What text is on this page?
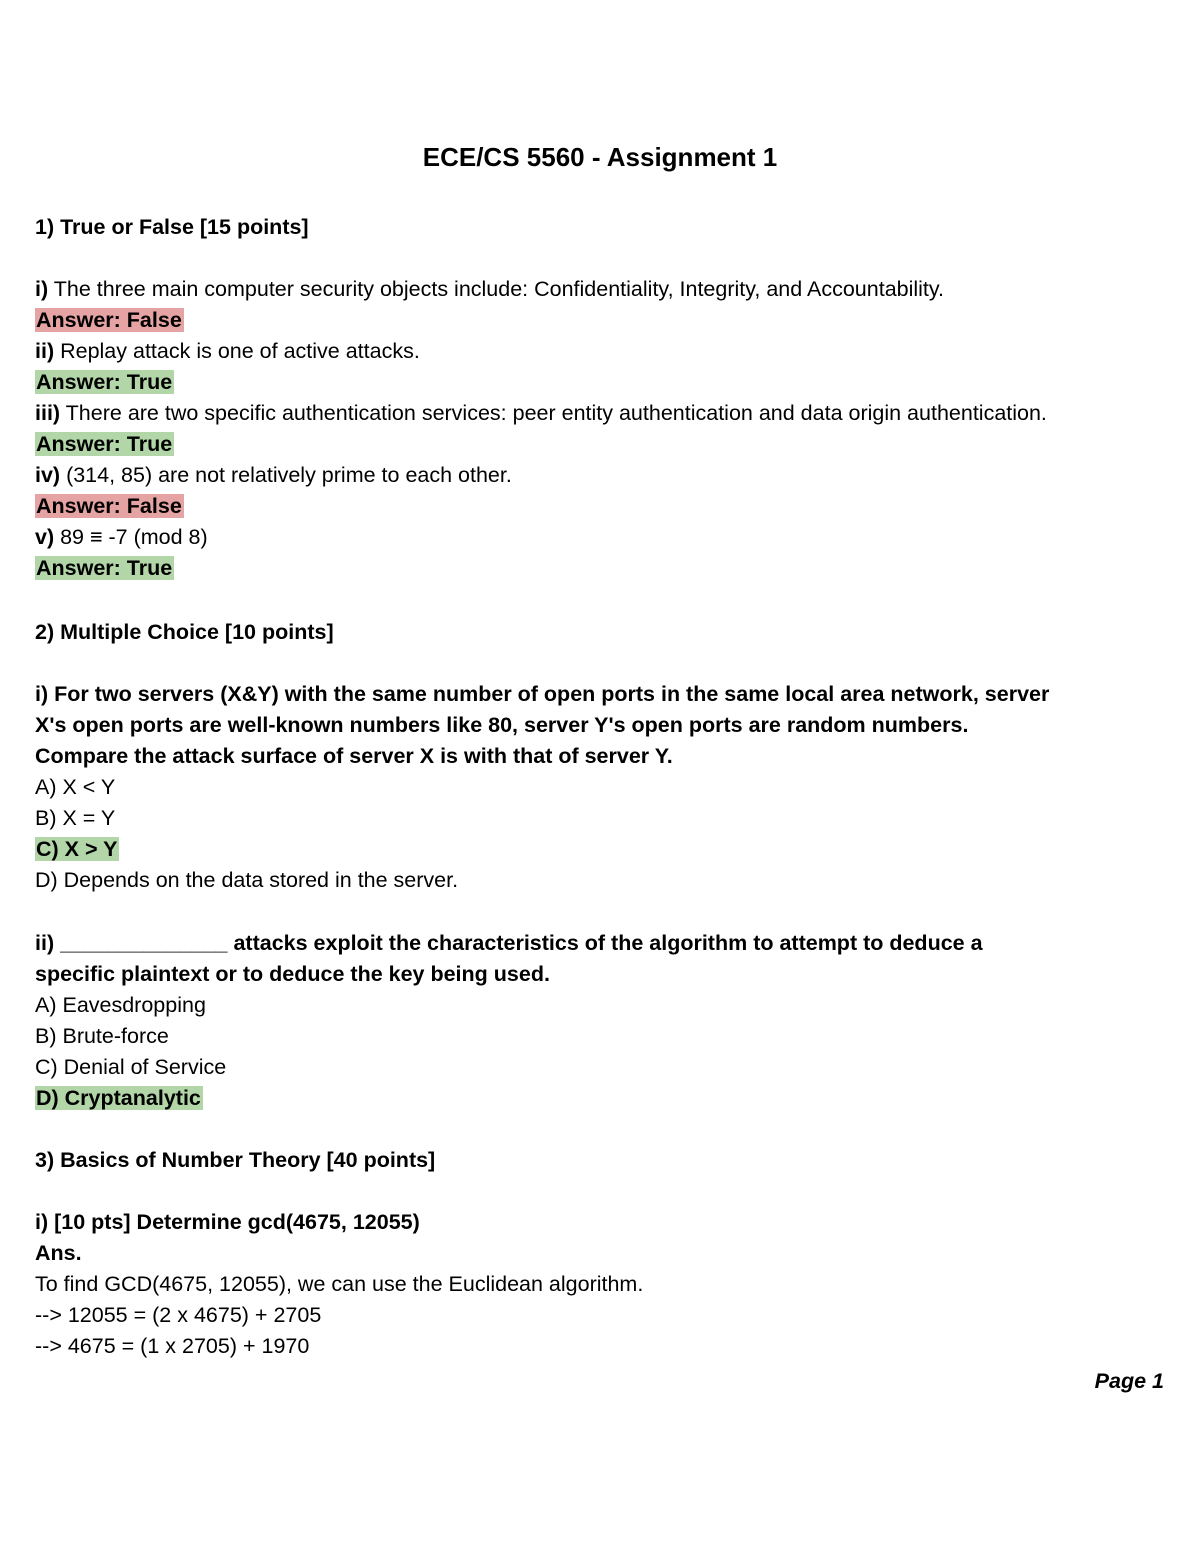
ECE/CS 5560 - Assignment 1
1) True or False [15 points]
i) The three main computer security objects include: Confidentiality, Integrity, and Accountability.
Answer: False
ii) Replay attack is one of active attacks.
Answer: True
iii) There are two specific authentication services: peer entity authentication and data origin authentication.
Answer: True
iv) (314, 85) are not relatively prime to each other.
Answer: False
v) 89 ≡ -7 (mod 8)
Answer: True
2) Multiple Choice [10 points]
i) For two servers (X&Y) with the same number of open ports in the same local area network, server
X's open ports are well-known numbers like 80, server Y's open ports are random numbers.
Compare the attack surface of server X is with that of server Y.
A) X < Y
B) X = Y
C) X > Y
D) Depends on the data stored in the server.
ii) ______________ attacks exploit the characteristics of the algorithm to attempt to deduce a
specific plaintext or to deduce the key being used.
A) Eavesdropping
B) Brute-force
C) Denial of Service
D) Cryptanalytic
3) Basics of Number Theory [40 points]
i) [10 pts] Determine gcd(4675, 12055)
Ans.
To find GCD(4675, 12055), we can use the Euclidean algorithm.
--> 12055 = (2 x 4675) + 2705
--> 4675 = (1 x 2705) + 1970
Page 1
